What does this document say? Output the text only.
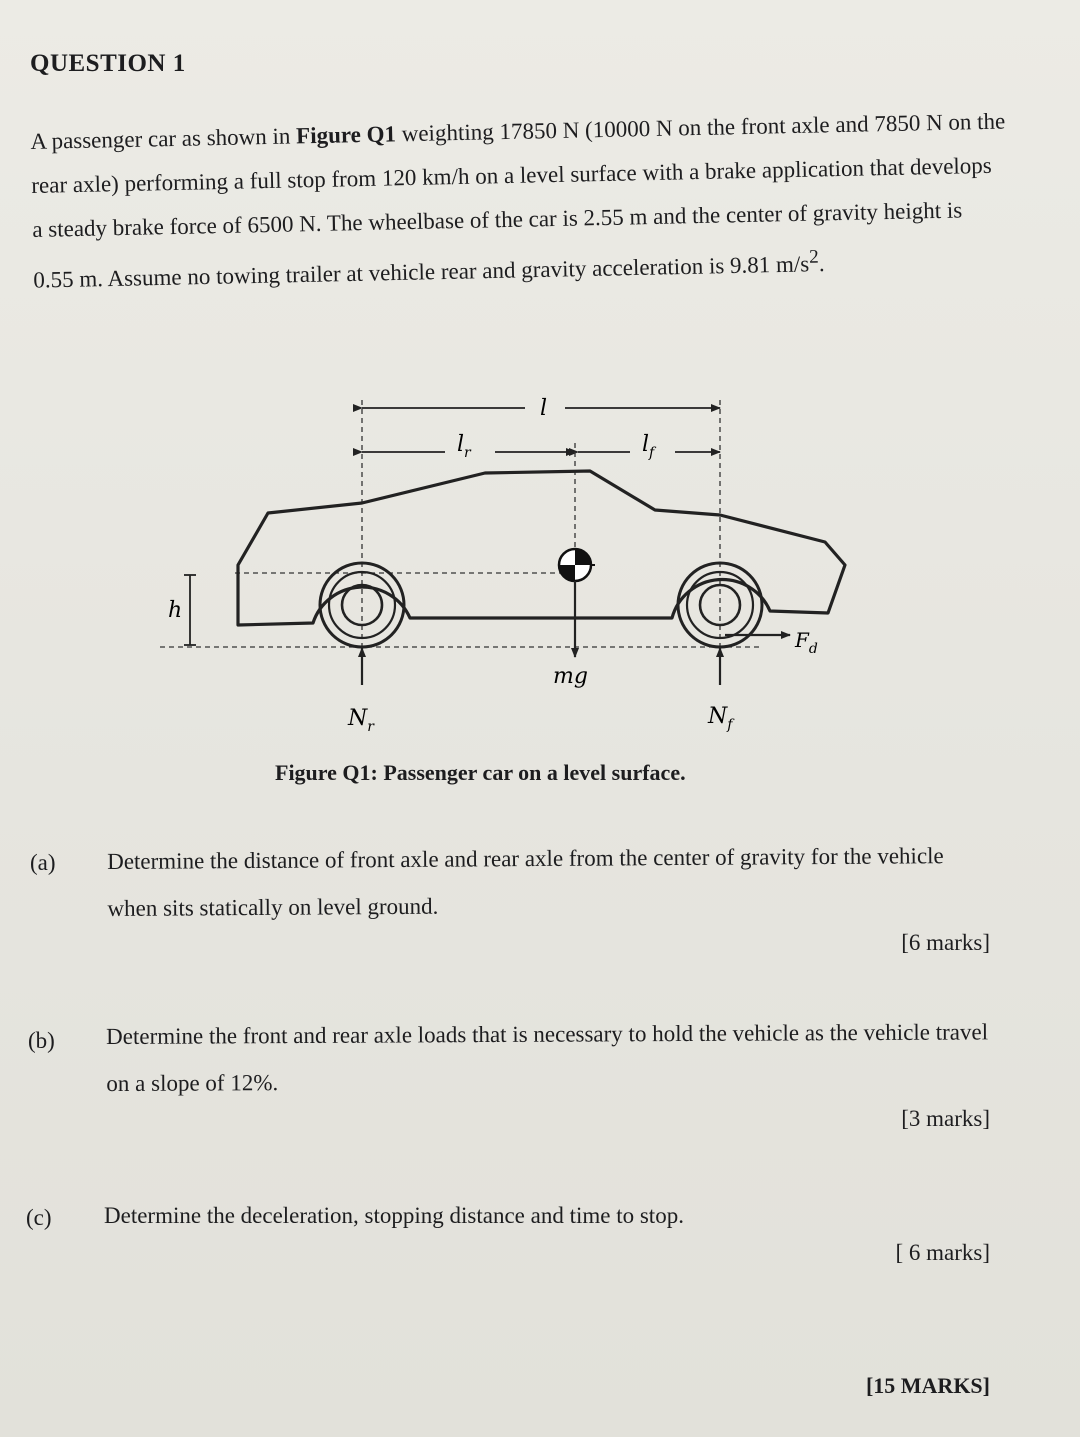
QUESTION 1

A passenger car as shown in Figure Q1 weighting 17850 N (10000 N on the front axle and 7850 N on the rear axle) performing a full stop from 120 km/h on a level surface with a brake application that develops a steady brake force of 6500 N. The wheelbase of the car is 2.55 m and the center of gravity height is 0.55 m. Assume no towing trailer at vehicle rear and gravity acceleration is 9.81 $m/s^2$.

l
$l_r$	$l_f$
mg
h
$F_d$
$N_r$	$N_f$
Figure Q1: Passenger car on a level surface.
(a) Determine the distance of front axle and rear axle from the center of gravity for the vehicle when sits statically on level ground.
[6 marks]
(b) Determine the front and rear axle loads that is necessary to hold the vehicle as the vehicle travel on a slope of 12%.
[3 marks]
(c) Determine the deceleration, stopping distance and time to stop.
[ 6 marks]
[15 MARKS]
